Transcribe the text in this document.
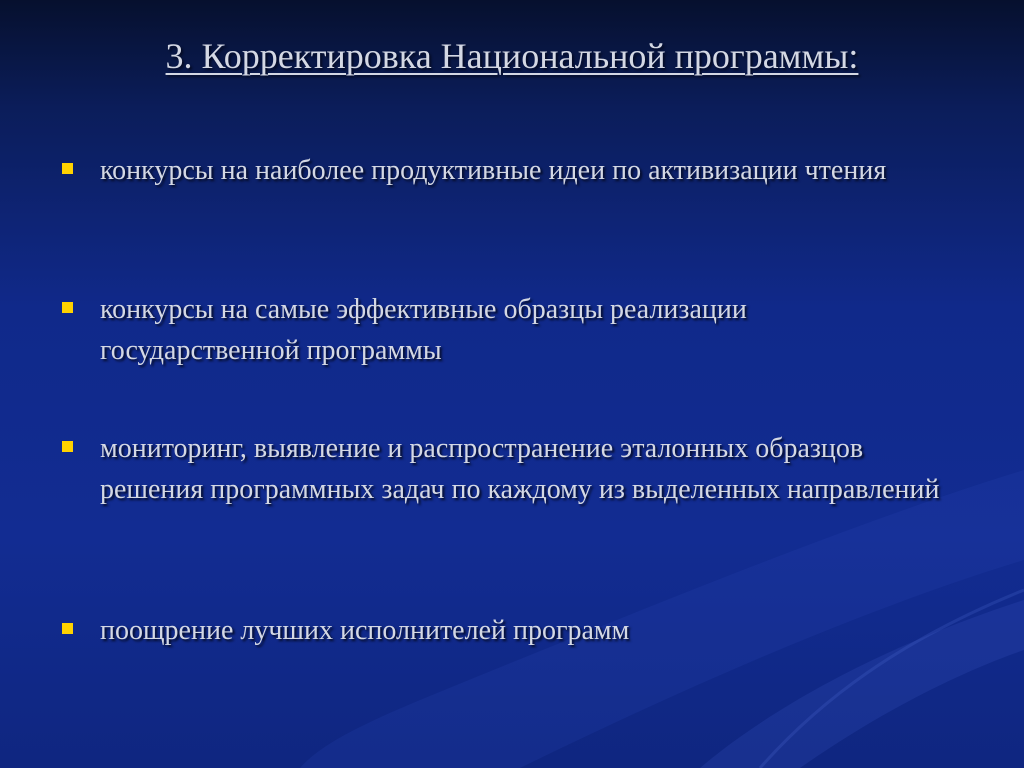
3. Корректировка Национальной программы:
конкурсы на наиболее продуктивные идеи по активизации чтения
конкурсы на самые эффективные образцы реализации государственной программы
мониторинг, выявление и распространение эталонных образцов решения программных задач по каждому из выделенных направлений
поощрение лучших исполнителей программ
